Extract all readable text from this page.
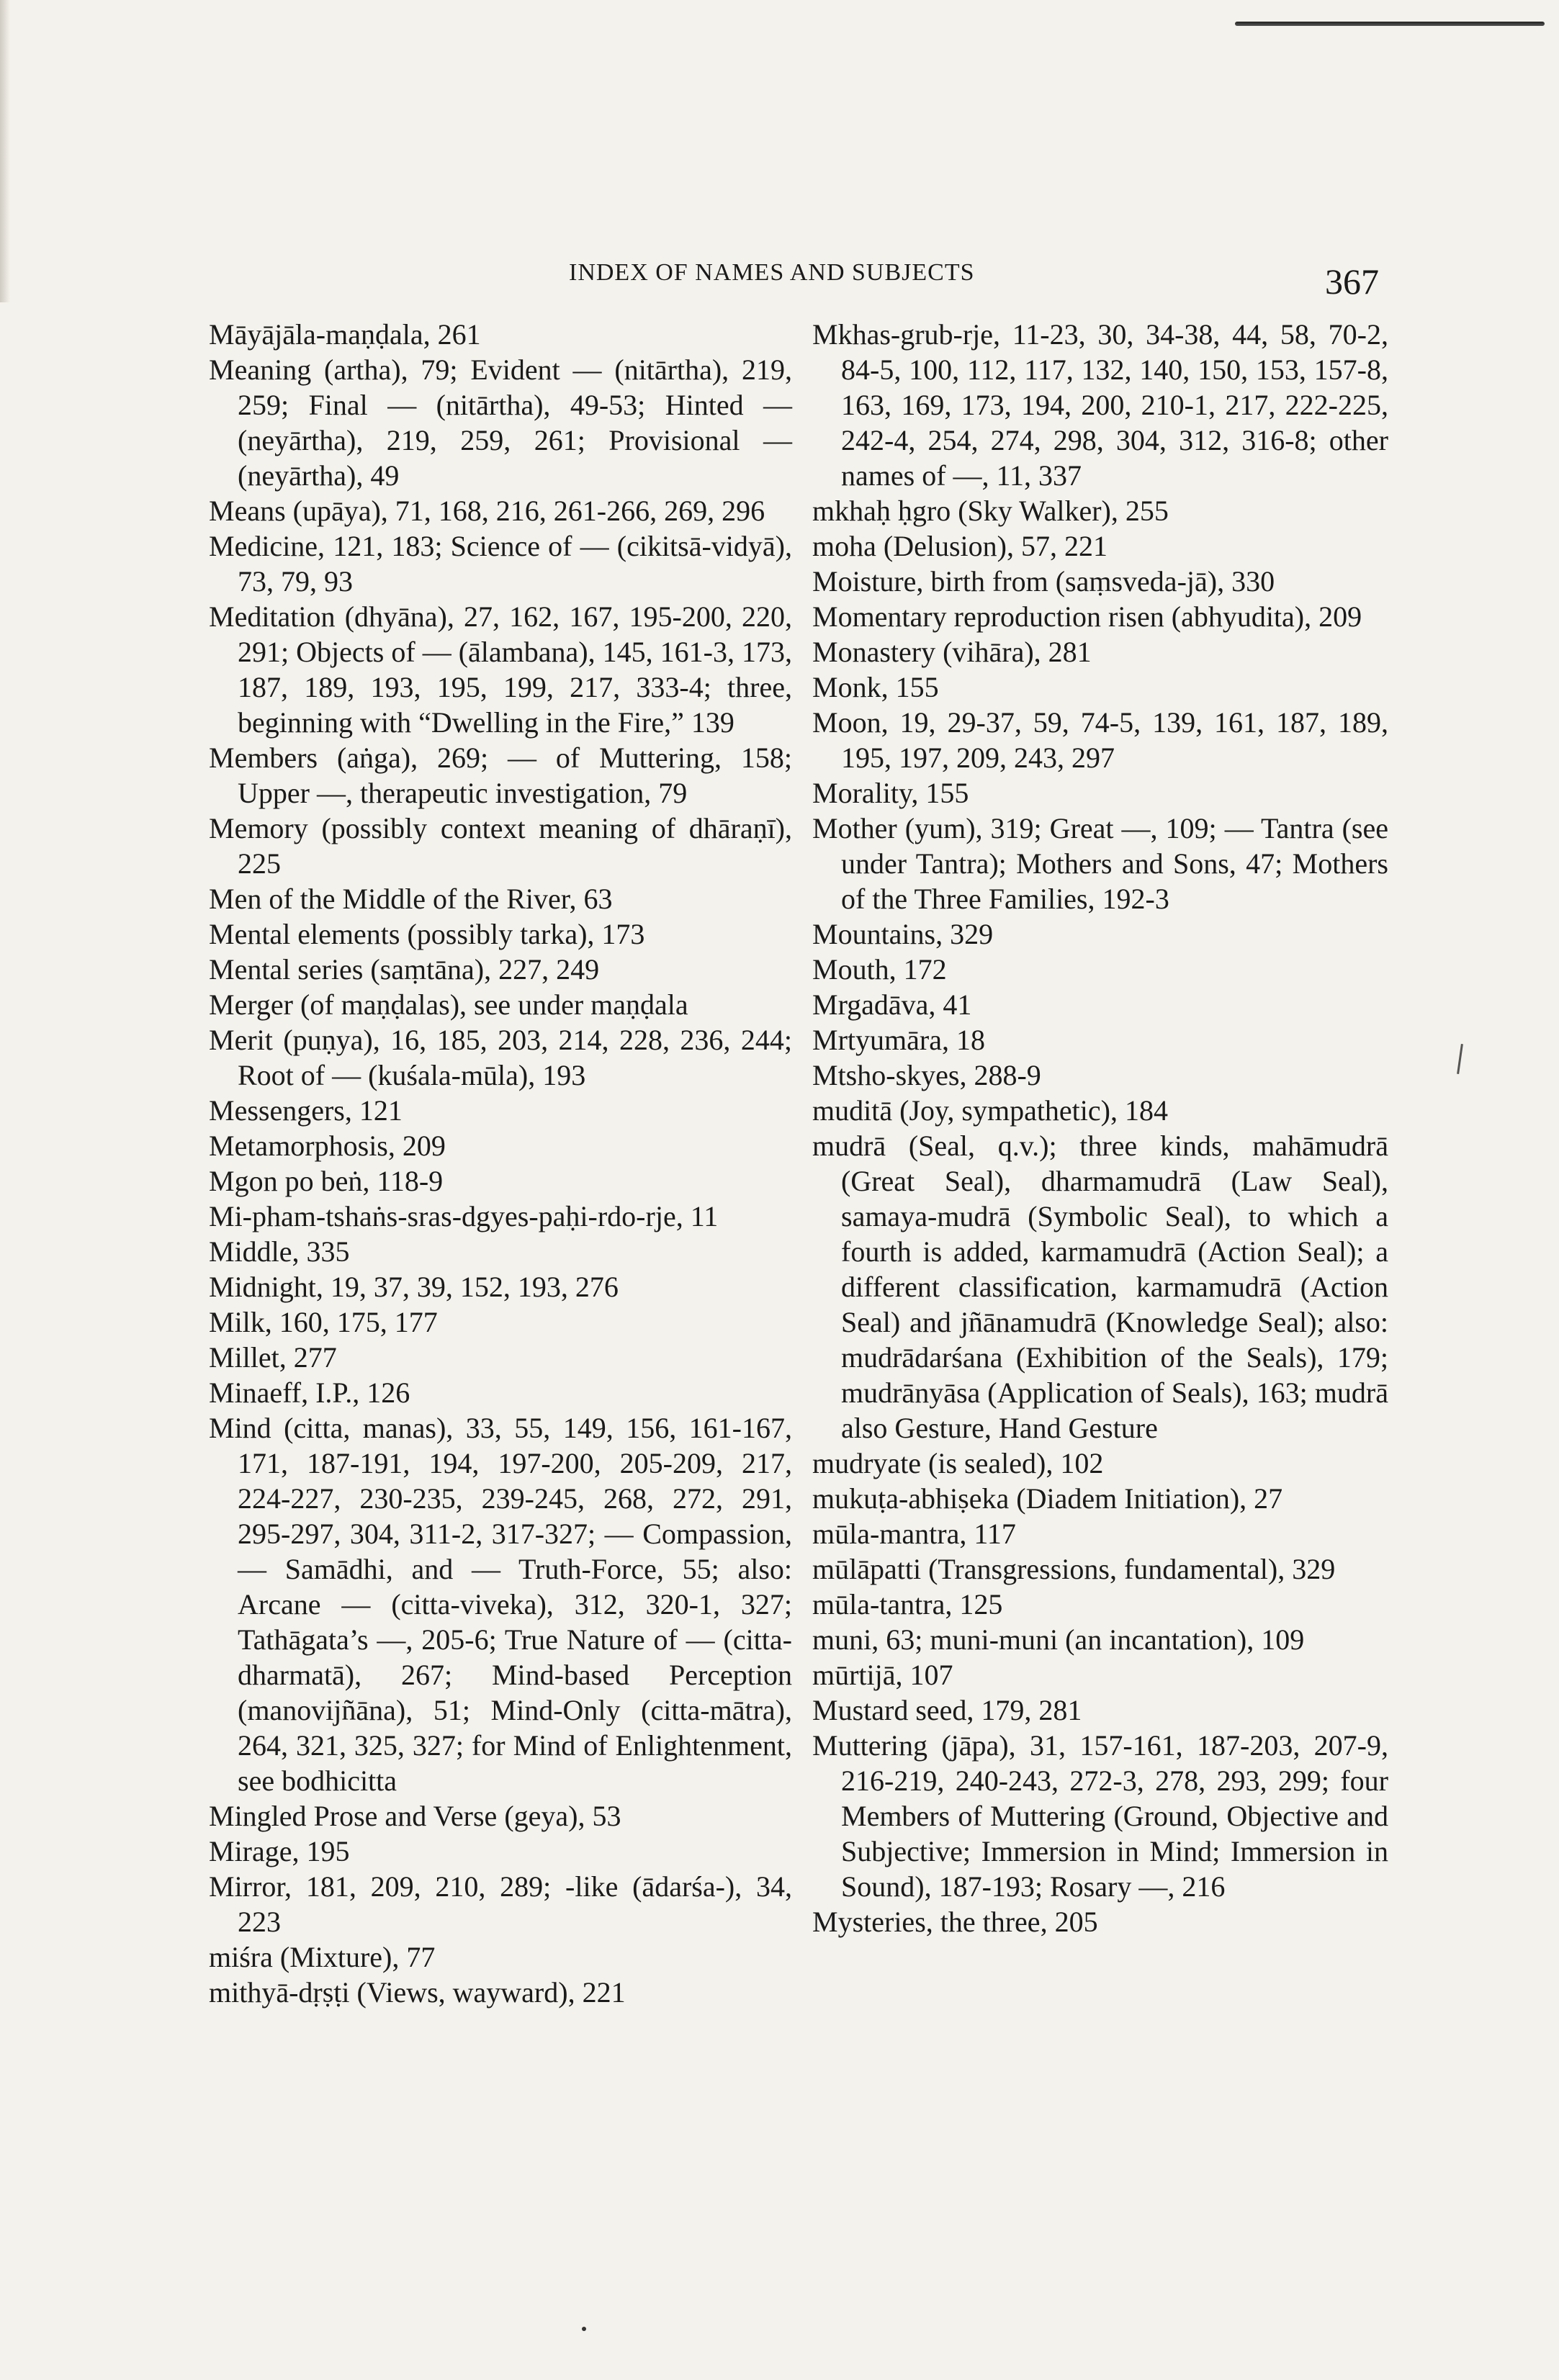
INDEX OF NAMES AND SUBJECTS	367

Māyājāla-maṇḍala, 261

Meaning (artha), 79; Evident — (nitārtha), 219, 259; Final — (nitārtha), 49-53; Hinted — (neyārtha), 219, 259, 261; Provisional — (neyārtha), 49

Means (upāya), 71, 168, 216, 261-266, 269, 296

Medicine, 121, 183; Science of — (cikitsā-vidyā), 73, 79, 93

Meditation (dhyāna), 27, 162, 167, 195-200, 220, 291; Objects of — (ālambana), 145, 161-3, 173, 187, 189, 193, 195, 199, 217, 333-4; three, beginning with “Dwelling in the Fire,” 139

Members (aṅga), 269; — of Muttering, 158; Upper —, therapeutic investigation, 79

Memory (possibly context meaning of dhāraṇī), 225

Men of the Middle of the River, 63

Mental elements (possibly tarka), 173

Mental series (saṃtāna), 227, 249

Merger (of maṇḍalas), see under maṇḍala

Merit (puṇya), 16, 185, 203, 214, 228, 236, 244; Root of — (kuśala-mūla), 193

Messengers, 121

Metamorphosis, 209

Mgon po beṅ, 118-9

Mi-pham-tshaṅs-sras-dgyes-paḥi-rdo-rje, 11

Middle, 335

Midnight, 19, 37, 39, 152, 193, 276

Milk, 160, 175, 177

Millet, 277

Minaeff, I.P., 126

Mind (citta, manas), 33, 55, 149, 156, 161-167, 171, 187-191, 194, 197-200, 205-209, 217, 224-227, 230-235, 239-245, 268, 272, 291, 295-297, 304, 311-2, 317-327; — Compassion, — Samādhi, and — Truth-Force, 55; also: Arcane — (citta-viveka), 312, 320-1, 327; Tathāgata’s —, 205-6; True Nature of — (citta-dharmatā), 267; Mind-based Perception (manovijñāna), 51; Mind-Only (citta-mātra), 264, 321, 325, 327; for Mind of Enlightenment, see bodhicitta

Mingled Prose and Verse (geya), 53

Mirage, 195

Mirror, 181, 209, 210, 289; -like (ādarśa-), 34, 223

miśra (Mixture), 77

mithyā-dṛṣṭi (Views, wayward), 221

Mkhas-grub-rje, 11-23, 30, 34-38, 44, 58, 70-2, 84-5, 100, 112, 117, 132, 140, 150, 153, 157-8, 163, 169, 173, 194, 200, 210-1, 217, 222-225, 242-4, 254, 274, 298, 304, 312, 316-8; other names of —, 11, 337

mkhaḥ ḥgro (Sky Walker), 255

moha (Delusion), 57, 221

Moisture, birth from (saṃsveda-jā), 330

Momentary reproduction risen (abhyudita), 209

Monastery (vihāra), 281

Monk, 155

Moon, 19, 29-37, 59, 74-5, 139, 161, 187, 189, 195, 197, 209, 243, 297

Morality, 155

Mother (yum), 319; Great —, 109; — Tantra (see under Tantra); Mothers and Sons, 47; Mothers of the Three Families, 192-3

Mountains, 329

Mouth, 172

Mrgadāva, 41

Mrtyumāra, 18

Mtsho-skyes, 288-9

muditā (Joy, sympathetic), 184

mudrā (Seal, q.v.); three kinds, mahāmudrā (Great Seal), dharmamudrā (Law Seal), samaya-mudrā (Symbolic Seal), to which a fourth is added, karmamudrā (Action Seal); a different classification, karmamudrā (Action Seal) and jñānamudrā (Knowledge Seal); also: mudrādarśana (Exhibition of the Seals), 179; mudrānyāsa (Application of Seals), 163; mudrā also Gesture, Hand Gesture

mudryate (is sealed), 102

mukuṭa-abhiṣeka (Diadem Initiation), 27

mūla-mantra, 117

mūlāpatti (Transgressions, fundamental), 329

mūla-tantra, 125

muni, 63; muni-muni (an incantation), 109

mūrtijā, 107

Mustard seed, 179, 281

Muttering (jāpa), 31, 157-161, 187-203, 207-9, 216-219, 240-243, 272-3, 278, 293, 299; four Members of Muttering (Ground, Objective and Subjective; Immersion in Mind; Immersion in Sound), 187-193; Rosary —, 216

Mysteries, the three, 205
